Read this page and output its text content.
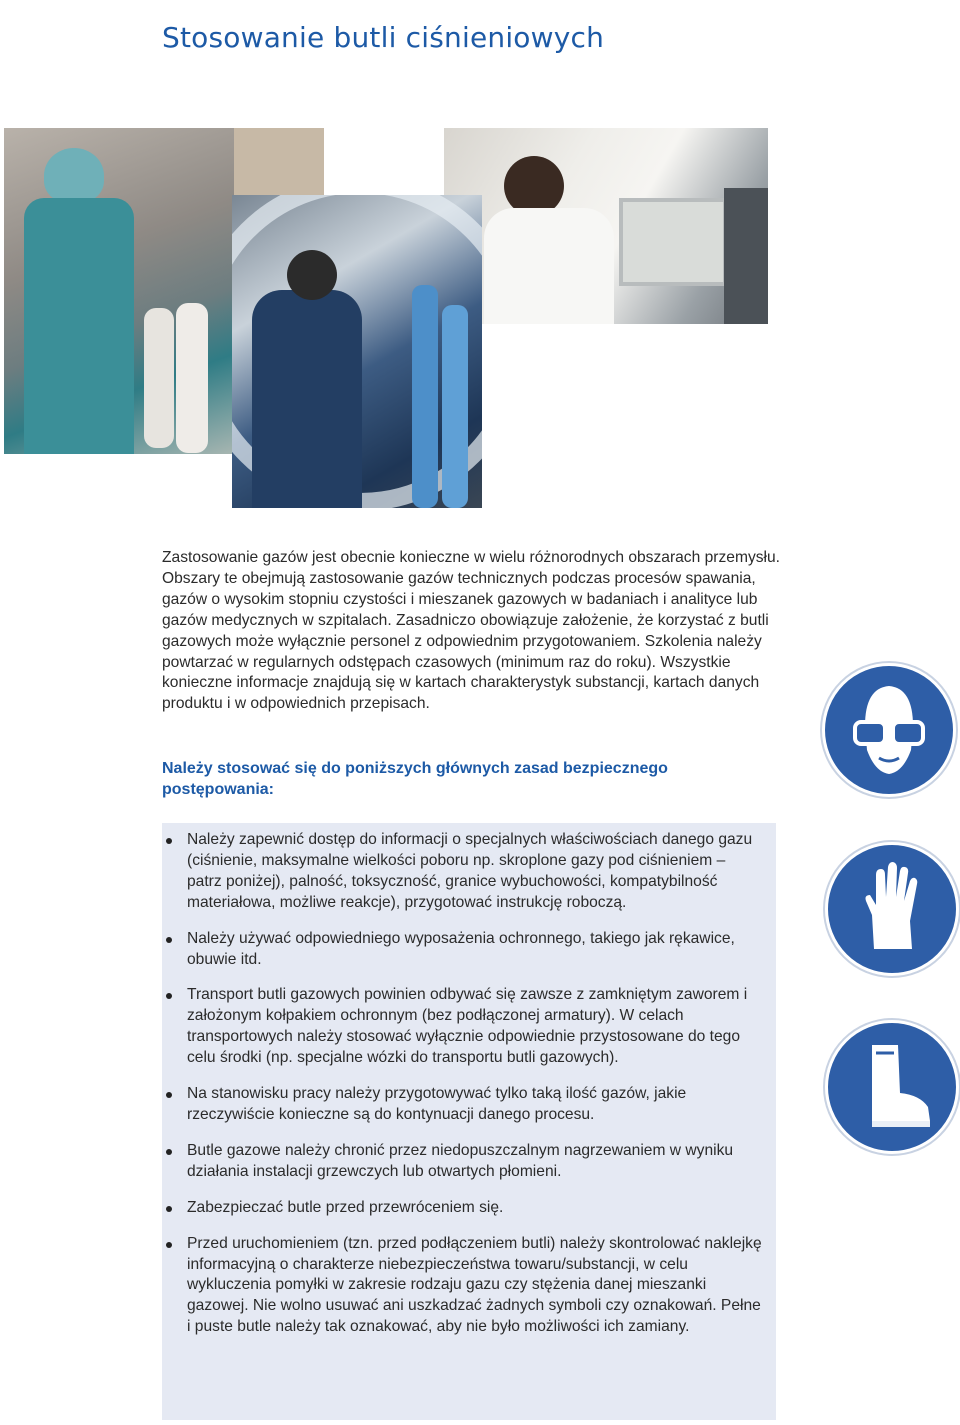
Stosowanie butli ciśnieniowych

Zastosowanie gazów jest obecnie konieczne w wielu różnorodnych obszarach przemysłu. Obszary te obejmują zastosowanie gazów technicznych podczas procesów spawania, gazów o wysokim stopniu czystości i mieszanek gazowych w badaniach i analityce lub gazów medycznych w szpitalach. Zasadniczo obowiązuje założenie, że korzystać z butli gazowych może wyłącznie personel z odpowiednim przygotowaniem. Szkolenia należy powtarzać w regularnych odstępach czasowych (minimum raz do roku). Wszystkie konieczne informacje znajdują się w kartach charakterystyk substancji, kartach danych produktu i w odpowiednich przepisach.

Należy stosować się do poniższych głównych zasad bezpiecznego postępowania:

Należy zapewnić dostęp do informacji o specjalnych właściwościach danego gazu (ciśnienie, maksymalne wielkości poboru np. skroplone gazy pod ciśnieniem – patrz poniżej), palność, toksyczność, granice wybuchowości, kompatybilność materiałowa, możliwe reakcje), przygotować instrukcję roboczą.
Należy używać odpowiedniego wyposażenia ochronnego, takiego jak rękawice, obuwie itd.
Transport butli gazowych powinien odbywać się zawsze z zamkniętym zaworem i założonym kołpakiem ochronnym (bez podłączonej armatury). W celach transportowych należy stosować wyłącznie odpowiednie przystosowane do tego celu środki (np. specjalne wózki do transportu butli gazowych).
Na stanowisku pracy należy przygotowywać tylko taką ilość gazów, jakie rzeczywiście konieczne są do kontynuacji danego procesu.
Butle gazowe należy chronić przez niedopuszczalnym nagrzewaniem w wyniku działania instalacji grzewczych lub otwartych płomieni.
Zabezpieczać butle przed przewróceniem się.
Przed uruchomieniem (tzn. przed podłączeniem butli) należy skontrolować naklejkę informacyjną o charakterze niebezpieczeństwa towaru/substancji, w celu wykluczenia pomyłki w zakresie rodzaju gazu czy stężenia danej mieszanki gazowej. Nie wolno usuwać ani uszkadzać żadnych symboli czy oznakowań. Pełne i puste butle należy tak oznakować, aby nie było możliwości ich zamiany.
